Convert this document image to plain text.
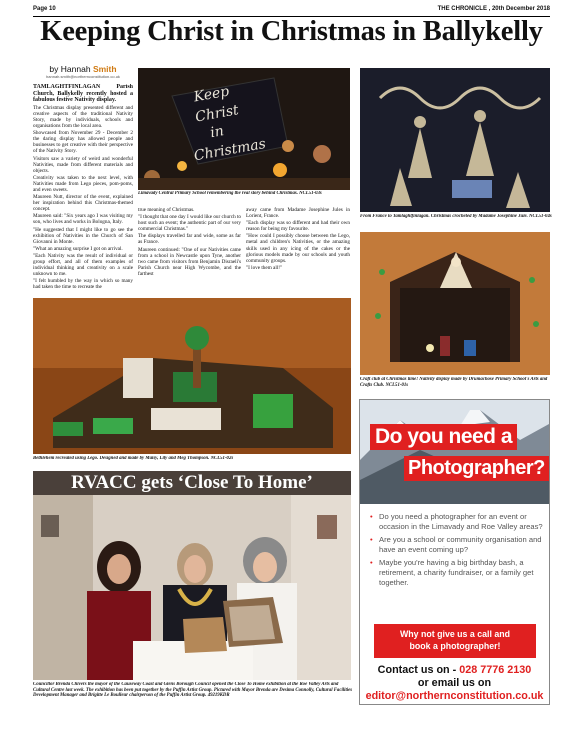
Page 10	THE CHRONICLE , 20th December 2018
Keeping Christ in Christmas in Ballykelly
by Hannah Smith
hannah.smith@northernconstitution.co.uk

TAMLAGHTFINLAGAN Parish Church, Ballykelly recently hosted a fabulous festive Nativity display.

The Christmas display presented different and creative aspects of the traditional Nativity Story, made by individuals, schools and organisations from the local area.

Showcased from November 29 - December 2 the daring display has allowed people and businesses to get creative with their perspective of the Nativity Story.

Visitors saw a variety of weird and wonderful Nativities, made from different materials and objects.

Creativity was taken to the next level, with Nativities made from Lego pieces, pom-poms, and even sweets.

Maureen Nutt, director of the event, explained her inspiration behind this Christmas-themed concept.

Maureen said: "Six years ago I was visiting my son, who lives and works in Bologna, Italy.

"He suggested that I might like to go see the exhibition of Nativities in the Church of San Giovanni in Monte.

"What an amazing surprise I got on arrival.

"Each Nativity was the result of individual or group effort, and all of them examples of individual thinking and creativity on a scale unknown to me.

"I felt humbled by the way in which so many had taken the time to recreate the

Keep
Christ
in
Christmas
Limavady Central Primary School remembering the real story behind Christmas. NCL51-03s
From France to Tamlaghtfinlagan. Christmas crocheted by Madame Josephine Jule. NCL51-04s

true meaning of Christmas.

"I thought that one day I would like our church to host such an event; the authentic part of our very commercial Christmas."

The displays travelled far and wide, some as far as France.

Maureen continued: "One of our Nativities came from a school in Newcastle upon Tyne, another two came from visitors from Benjamin Disraeli's Parish Church near High Wycombe, and the farthest

away came from Madame Josephine Jules in Lorient, France.

"Each display was so different and had their own reason for being my favourite.

"How could I possibly choose between the Lego, metal and children's Nativities, or the amazing skills used in any icing of the cakes or the glorious models made by our schools and youth community groups.

"I love them all!"

Craft club at Christmas time! Nativity display made by Drumachose Primary School's Arts and Crafts Club. NCL51-01s
Bethlehem recreated using Lego. Designed and made by Maisy, Lily and Meg Thompson. NCL51-02s
RVACC gets ‘Close To Home’
Councillor Brenda Chivers the mayor of the Causeway Coast and Glens Borough Council opened the Close To Home exhibition at the Roe Valley Arts and Cultural Centre last week. The exhibition has been put together by the Puffin Artist Group. Pictured with Mayor Brenda are Desima Connolly, Cultural Facilities Development Manager and Brigitte Le Boulleur chairperson of the Puffin Artist Group. 49219KDR
Do you need a
Photographer?
• Do you need a photographer for an event or occasion in the Limavady and Roe Valley areas?
• Are you a school or community organisation and have an event coming up?
• Maybe you're having a big birthday bash, a retirement, a charity fundraiser, or a family get together.
Why not give us a call and
book a photographer!
Contact us on - 028 7776 2130
or email us on
editor@northernconstitution.co.uk
